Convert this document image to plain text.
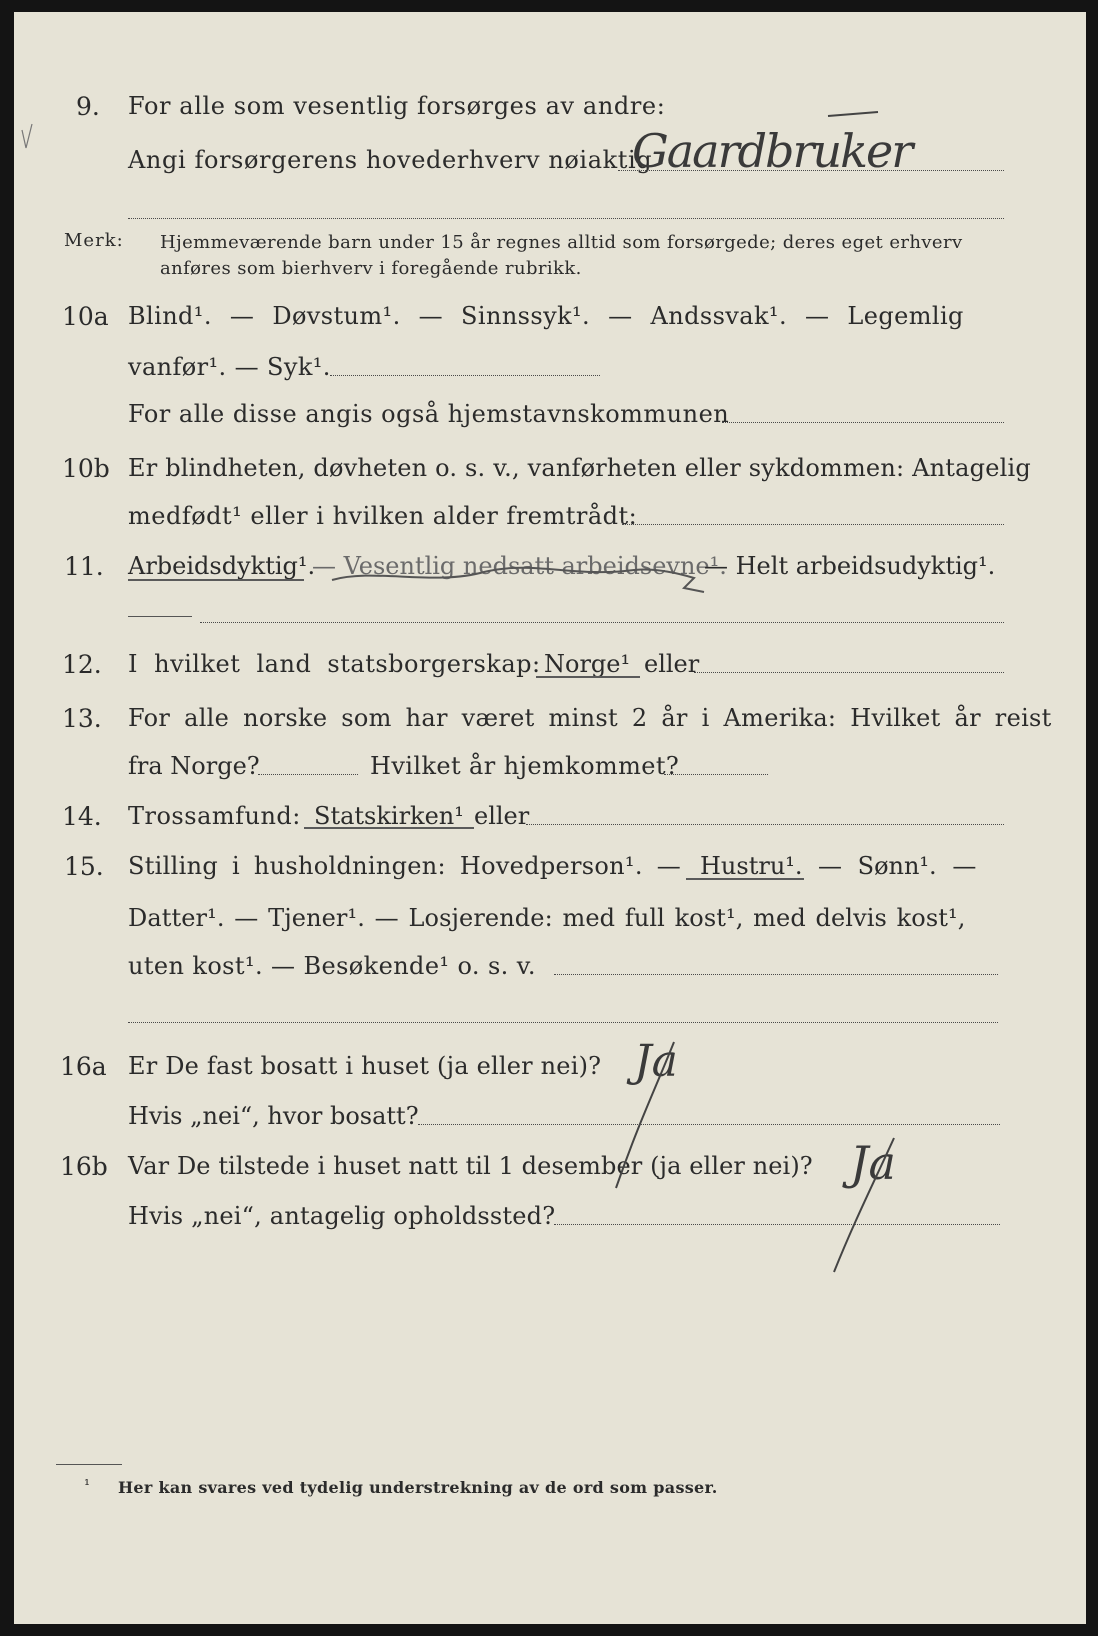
9. For alle som vesentlig forsørges av andre:
Angi forsørgerens hovederhverv nøiaktig
Gaardbruker
Merk: Hjemmeværende barn under 15 år regnes alltid som forsørgede; deres eget erhverv
anføres som bierhverv i foregående rubrikk.
10a Blind¹. — Døvstum¹. — Sinnssyk¹. — Andssvak¹. — Legemlig
vanfør¹. — Syk¹.
For alle disse angis også hjemstavnskommunen
10b Er blindheten, døvheten o. s. v., vanførheten eller sykdommen: Antagelig
medfødt¹ eller i hvilken alder fremtrådt:
11. Arbeidsdyktig¹.
— Vesentlig nedsatt arbeidsevne¹.
— Helt arbeidsudyktig¹.
12. I hvilket land statsborgerskap: Norge¹ eller
13. For alle norske som har været minst 2 år i Amerika: Hvilket år reist
fra Norge?	Hvilket år hjemkommet?
14. Trossamfund: Statskirken¹ eller
15. Stilling i husholdningen: Hovedperson¹. — Hustru¹. — Sønn¹. —
Datter¹. — Tjener¹. — Losjerende: med full kost¹, med delvis kost¹,
uten kost¹. — Besøkende¹ o. s. v.
16a Er De fast bosatt i huset (ja eller nei)? Ja
Hvis „nei“, hvor bosatt?
16b Var De tilstede i huset natt til 1 desember (ja eller nei)? Ja
Hvis „nei“, antagelig opholdssted?
¹ Her kan svares ved tydelig understrekning av de ord som passer.
